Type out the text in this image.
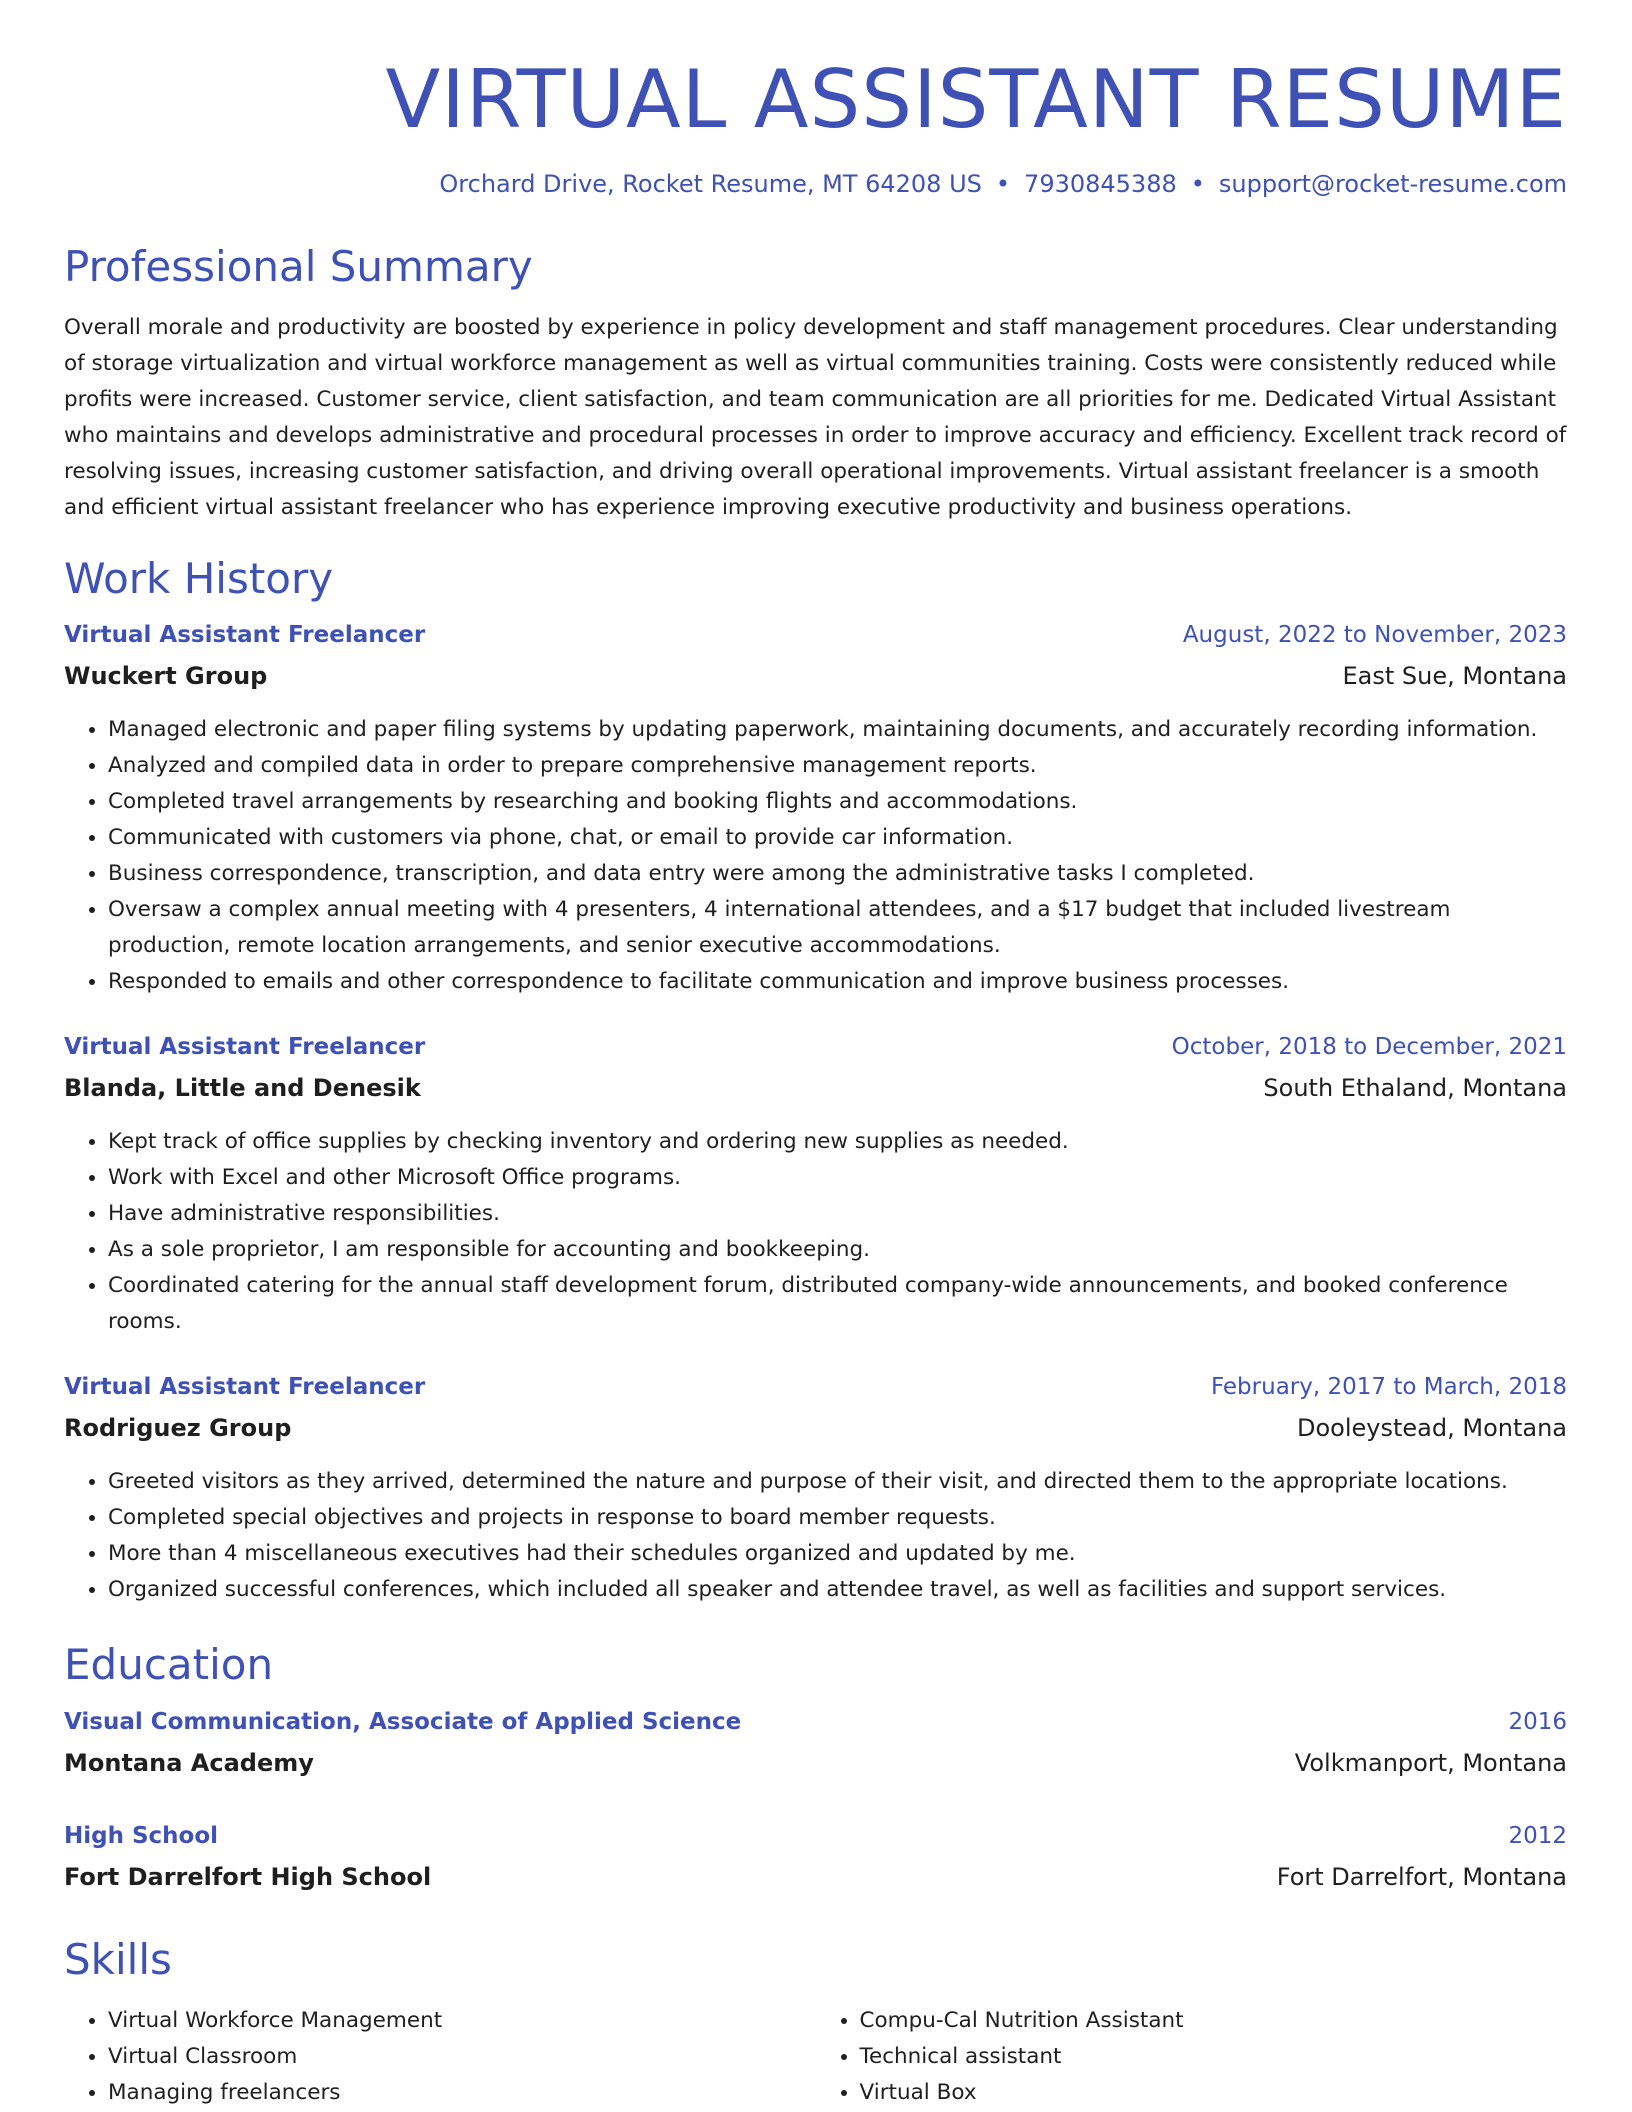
VIRTUAL ASSISTANT RESUME
Orchard Drive, Rocket Resume, MT 64208 US • 7930845388 • support@rocket-resume.com
Professional Summary

Overall morale and productivity are boosted by experience in policy development and staff management procedures. Clear understanding of storage virtualization and virtual workforce management as well as virtual communities training. Costs were consistently reduced while profits were increased. Customer service, client satisfaction, and team communication are all priorities for me. Dedicated Virtual Assistant who maintains and develops administrative and procedural processes in order to improve accuracy and efficiency. Excellent track record of resolving issues, increasing customer satisfaction, and driving overall operational improvements. Virtual assistant freelancer is a smooth and efficient virtual assistant freelancer who has experience improving executive productivity and business operations.

Work History
Virtual Assistant Freelancer	August, 2022 to November, 2023
Wuckert Group	East Sue, Montana
• Managed electronic and paper filing systems by updating paperwork, maintaining documents, and accurately recording information.
• Analyzed and compiled data in order to prepare comprehensive management reports.
• Completed travel arrangements by researching and booking flights and accommodations.
• Communicated with customers via phone, chat, or email to provide car information.
• Business correspondence, transcription, and data entry were among the administrative tasks I completed.
• Oversaw a complex annual meeting with 4 presenters, 4 international attendees, and a $17 budget that included livestream production, remote location arrangements, and senior executive accommodations.
• Responded to emails and other correspondence to facilitate communication and improve business processes.
Virtual Assistant Freelancer	October, 2018 to December, 2021
Blanda, Little and Denesik	South Ethaland, Montana
• Kept track of office supplies by checking inventory and ordering new supplies as needed.
• Work with Excel and other Microsoft Office programs.
• Have administrative responsibilities.
• As a sole proprietor, I am responsible for accounting and bookkeeping.
• Coordinated catering for the annual staff development forum, distributed company-wide announcements, and booked conference rooms.
Virtual Assistant Freelancer	February, 2017 to March, 2018
Rodriguez Group	Dooleystead, Montana
• Greeted visitors as they arrived, determined the nature and purpose of their visit, and directed them to the appropriate locations.
• Completed special objectives and projects in response to board member requests.
• More than 4 miscellaneous executives had their schedules organized and updated by me.
• Organized successful conferences, which included all speaker and attendee travel, as well as facilities and support services.
Education
Visual Communication, Associate of Applied Science	2016
Montana Academy	Volkmanport, Montana
High School	2012
Fort Darrelfort High School	Fort Darrelfort, Montana
Skills
• Virtual Workforce Management
• Virtual Classroom
• Managing freelancers
• Compu-Cal Nutrition Assistant
• Technical assistant
• Virtual Box
